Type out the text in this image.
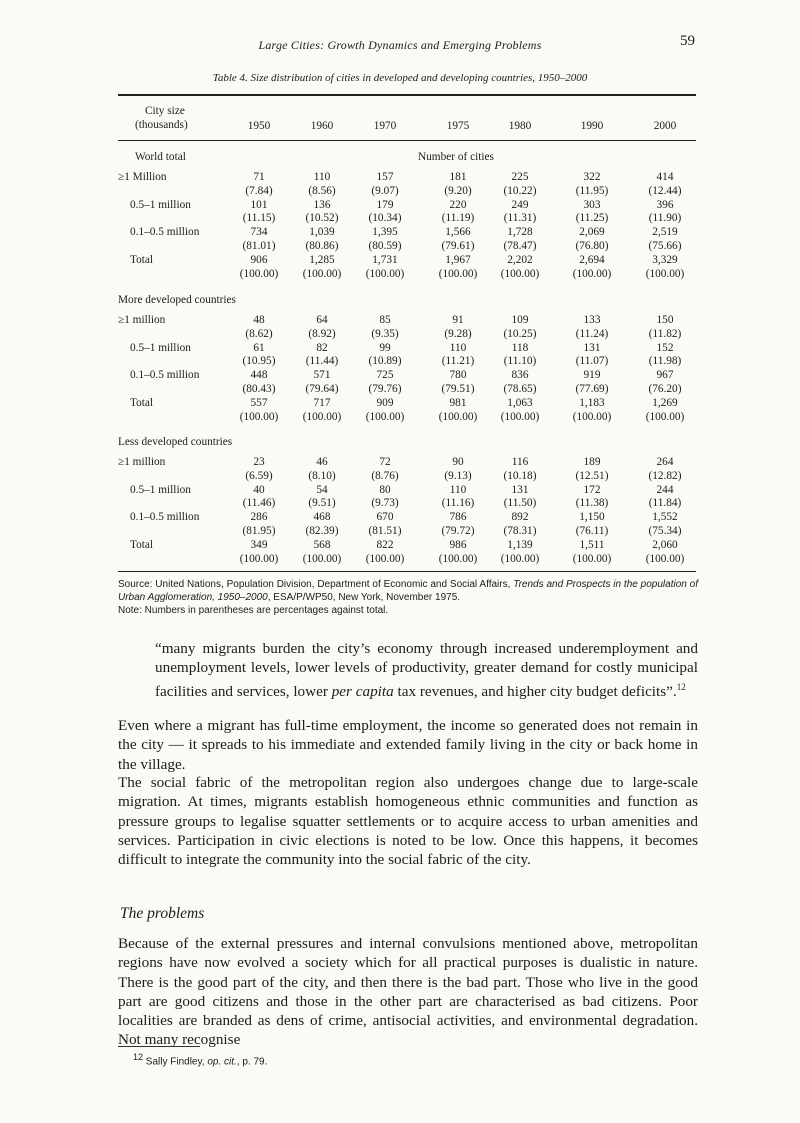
Large Cities: Growth Dynamics and Emerging Problems	59
Table 4. Size distribution of cities in developed and developing countries, 1950–2000
City size
(thousands)	1950	1960	1970	1975	1980	1990	2000
Number of cities
World total
≥1 Million	71	110	157	181	225	322	414
(7.84)	(8.56)	(9.07)	(9.20)	(10.22)	(11.95)	(12.44)
0.5–1 million	101	136	179	220	249	303	396
(11.15)	(10.52)	(10.34)	(11.19)	(11.31)	(11.25)	(11.90)
0.1–0.5 million	734	1,039	1,395	1,566	1,728	2,069	2,519
(81.01)	(80.86)	(80.59)	(79.61)	(78.47)	(76.80)	(75.66)
Total	906	1,285	1,731	1,967	2,202	2,694	3,329
(100.00)	(100.00)	(100.00)	(100.00)	(100.00)	(100.00)	(100.00)
More developed countries
≥1 million	48	64	85	91	109	133	150
(8.62)	(8.92)	(9.35)	(9.28)	(10.25)	(11.24)	(11.82)
0.5–1 million	61	82	99	110	118	131	152
(10.95)	(11.44)	(10.89)	(11.21)	(11.10)	(11.07)	(11.98)
0.1–0.5 million	448	571	725	780	836	919	967
(80.43)	(79.64)	(79.76)	(79.51)	(78.65)	(77.69)	(76.20)
Total	557	717	909	981	1,063	1,183	1,269
(100.00)	(100.00)	(100.00)	(100.00)	(100.00)	(100.00)	(100.00)
Less developed countries
≥1 million	23	46	72	90	116	189	264
(6.59)	(8.10)	(8.76)	(9.13)	(10.18)	(12.51)	(12.82)
0.5–1 million	40	54	80	110	131	172	244
(11.46)	(9.51)	(9.73)	(11.16)	(11.50)	(11.38)	(11.84)
0.1–0.5 million	286	468	670	786	892	1,150	1,552
(81.95)	(82.39)	(81.51)	(79.72)	(78.31)	(76.11)	(75.34)
Total	349	568	822	986	1,139	1,511	2,060
(100.00)	(100.00)	(100.00)	(100.00)	(100.00)	(100.00)	(100.00)
Source: United Nations, Population Division, Department of Economic and Social Affairs, Trends and Prospects in the population of Urban Agglomeration, 1950–2000, ESA/P/WP50, New York, November 1975.
Note: Numbers in parentheses are percentages against total.

“many migrants burden the city’s economy through increased underemployment and unemployment levels, lower levels of productivity, greater demand for costly municipal facilities and services, lower per capita tax revenues, and higher city budget deficits”.$^{12}$

Even where a migrant has full-time employment, the income so generated does not remain in the city — it spreads to his immediate and extended family living in the city or back home in the village.

The social fabric of the metropolitan region also undergoes change due to large-scale migration. At times, migrants establish homogeneous ethnic communities and function as pressure groups to legalise squatter settlements or to acquire access to urban amenities and services. Participation in civic elections is noted to be low. Once this happens, it becomes difficult to integrate the community into the social fabric of the city.

The problems

Because of the external pressures and internal convulsions mentioned above, metropolitan regions have now evolved a society which for all practical purposes is dualistic in nature. There is the good part of the city, and then there is the bad part. Those who live in the good part are good citizens and those in the other part are characterised as bad citizens. Poor localities are branded as dens of crime, antisocial activities, and environmental degradation. Not many recognise

$^{12}$ Sally Findley, op. cit., p. 79.
